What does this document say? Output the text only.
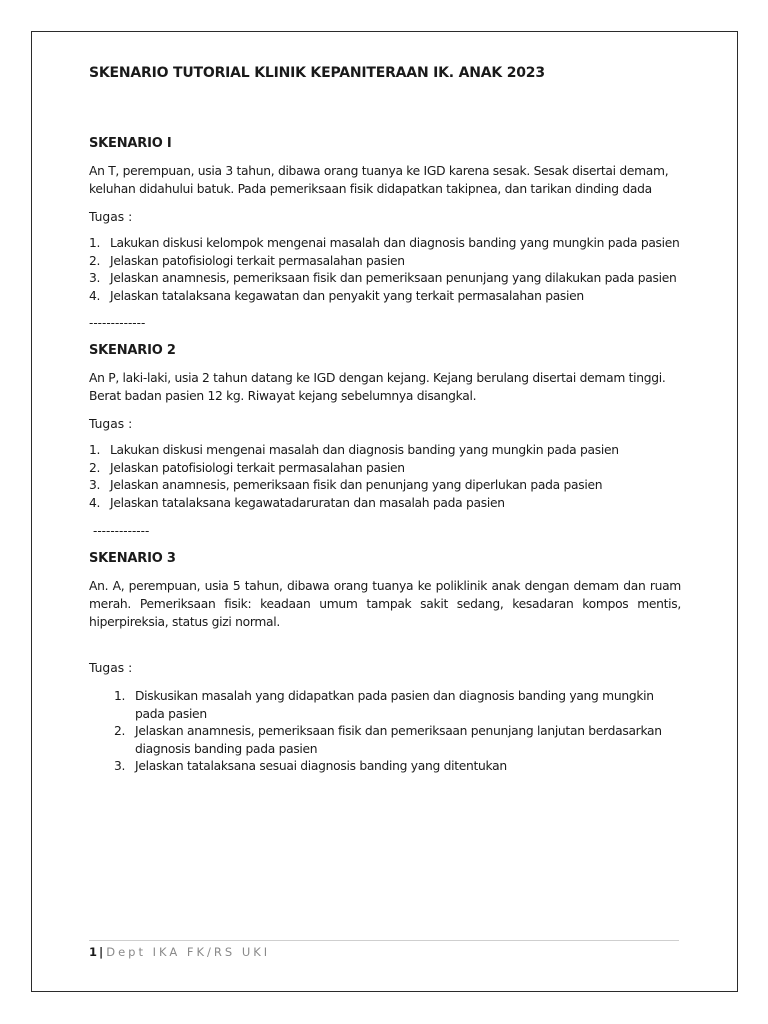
SKENARIO TUTORIAL KLINIK KEPANITERAAN IK. ANAK 2023
SKENARIO I

An T, perempuan, usia 3 tahun, dibawa orang tuanya ke IGD karena sesak. Sesak disertai demam, keluhan didahului batuk. Pada pemeriksaan fisik didapatkan takipnea, dan tarikan dinding dada

Tugas :

1. Lakukan diskusi kelompok mengenai masalah dan diagnosis banding yang mungkin pada pasien
2. Jelaskan patofisiologi terkait permasalahan pasien
3. Jelaskan anamnesis, pemeriksaan fisik dan pemeriksaan penunjang yang dilakukan pada pasien
4. Jelaskan tatalaksana kegawatan dan penyakit yang terkait permasalahan pasien

-------------

SKENARIO 2

An P, laki-laki, usia 2 tahun datang ke IGD dengan kejang. Kejang berulang disertai demam tinggi. Berat badan pasien 12 kg. Riwayat kejang sebelumnya disangkal.

Tugas :

1. Lakukan diskusi mengenai masalah dan diagnosis banding yang mungkin pada pasien
2. Jelaskan patofisiologi terkait permasalahan pasien
3. Jelaskan anamnesis, pemeriksaan fisik dan penunjang yang diperlukan pada pasien
4. Jelaskan tatalaksana kegawatadaruratan dan masalah pada pasien

-------------

SKENARIO 3

An. A, perempuan, usia 5 tahun, dibawa orang tuanya ke poliklinik anak dengan demam dan ruam merah. Pemeriksaan fisik: keadaan umum tampak sakit sedang, kesadaran kompos mentis, hiperpireksia, status gizi normal.

Tugas :

1. Diskusikan masalah yang didapatkan pada pasien dan diagnosis banding yang mungkin pada pasien
2. Jelaskan anamnesis, pemeriksaan fisik dan pemeriksaan penunjang lanjutan berdasarkan diagnosis banding pada pasien
3. Jelaskan tatalaksana sesuai diagnosis banding yang ditentukan
1 | Dept IKA FK/RS UKI
